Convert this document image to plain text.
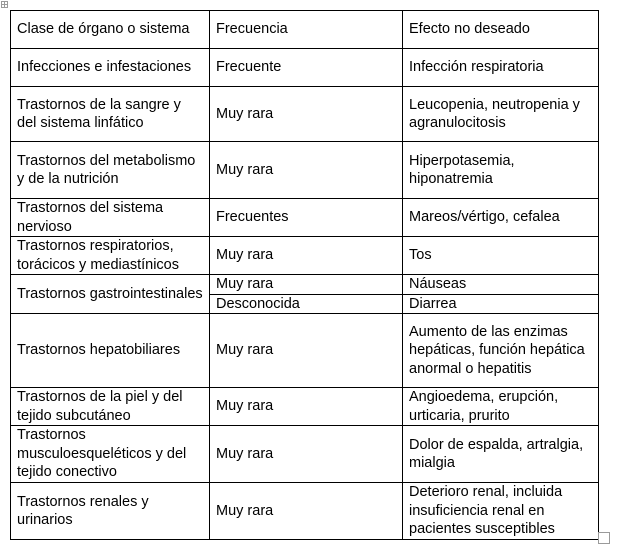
Clase de órgano o sistema	Frecuencia	Efecto no deseado
Infecciones e infestaciones	Frecuente	Infección respiratoria
Trastornos de la sangre y del sistema linfático	Muy rara	Leucopenia, neutropenia y agranulocitosis
Trastornos del metabolismo y de la nutrición	Muy rara	Hiperpotasemia, hiponatremia
Trastornos del sistema nervioso	Frecuentes	Mareos/vértigo, cefalea
Trastornos respiratorios, torácicos y mediastínicos	Muy rara	Tos
Trastornos gastrointestinales	Muy rara	Náuseas
	Desconocida	Diarrea
Trastornos hepatobiliares	Muy rara	Aumento de las enzimas hepáticas, función hepática anormal o hepatitis
Trastornos de la piel y del tejido subcutáneo	Muy rara	Angioedema, erupción, urticaria, prurito
Trastornos musculoesqueléticos y del tejido conectivo	Muy rara	Dolor de espalda, artralgia, mialgia
Trastornos renales y urinarios	Muy rara	Deterioro renal, incluida insuficiencia renal en pacientes susceptibles
